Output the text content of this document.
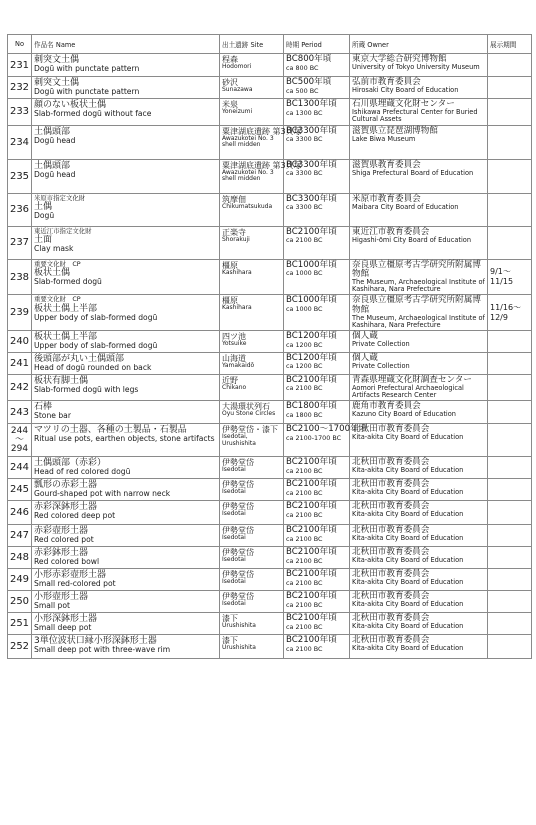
No	作品名 Name	出土遺跡 Site	時期 Period	所蔵 Owner	展示期間
231	刺突文土偶
Dogū with punctate pattern	程森
Hodomori	BC800年頃
ca 800 BC	東京大学総合研究博物館
University of Tokyo University Museum	

232	刺突文土偶
Dogū with punctate pattern	砂沢
Sunazawa	BC500年頃
ca 500 BC	弘前市教育委員会
Hirosaki City Board of Education	

233	顔のない板状土偶
Slab-formed dogū without face	米泉
Yoneizumi	BC1300年頃
ca 1300 BC	石川県埋蔵文化財センター
Ishikawa Prefectural Center for Buried Cultural Assets	

234	土偶頭部
Dogū head	粟津湖底遺跡 第3貝塚
Awazukotei No. 3 shell midden	BC3300年頃
ca 3300 BC	滋賀県立琵琶湖博物館
Lake Biwa Museum	

235	土偶頭部
Dogū head	粟津湖底遺跡 第3貝塚
Awazukotei No. 3 shell midden	BC3300年頃
ca 3300 BC	滋賀県教育委員会
Shiga Prefectural Board of Education	

236	米原市指定文化財
土偶
Dogū	筑摩佃
Chikumatsukuda	BC3300年頃
ca 3300 BC	米原市教育委員会
Maibara City Board of Education	

237	東近江市指定文化財
土面
Clay mask	正楽寺
Shorakuji	BC2100年頃
ca 2100 BC	東近江市教育委員会
Higashi-ōmi City Board of Education	

238	重要文化財　CP
板状土偶
Slab-formed dogū	橿原
Kashihara	BC1000年頃
ca 1000 BC	奈良県立橿原考古学研究所附属博物館
The Museum, Archaeological Institute of Kashihara, Nara Prefecture	9/1～11/15
239	重要文化財　CP
板状土偶上半部
Upper body of slab-formed dogū	橿原
Kashihara	BC1000年頃
ca 1000 BC	奈良県立橿原考古学研究所附属博物館
The Museum, Archaeological Institute of Kashihara, Nara Prefecture	11/16～12/9
240	板状土偶上半部
Upper body of slab-formed dogū	四ツ池
Yotsuike	BC1200年頃
ca 1200 BC	個人蔵
Private Collection	

241	後頭部が丸い土偶頭部
Head of dogū rounded on back	山海道
Yamakaidō	BC1200年頃
ca 1200 BC	個人蔵
Private Collection	

242	板状有脚土偶
Slab-formed dogū with legs	近野
Chikano	BC2100年頃
ca 2100 BC	青森県埋蔵文化財調査センター
Aomori Prefectural Archaeological Artifacts Research Center	

243	石棒
Stone bar	大湯環状列石
Oyu Stone Circles	BC1800年頃
ca 1800 BC	鹿角市教育委員会
Kazuno City Board of Education	

244～294	マツリの土器、各種の土製品・石製品
Ritual use pots, earthen objects, stone artifacts	伊勢堂岱・漆下
Isedotai, Urushishita	BC2100～1700年頃
ca 2100-1700 BC	北秋田市教育委員会
Kita-akita City Board of Education	

244	土偶頭部（赤彩）
Head of red colored dogū	伊勢堂岱
Isedotai	BC2100年頃
ca 2100 BC	北秋田市教育委員会
Kita-akita City Board of Education	

245	瓢形の赤彩土器
Gourd-shaped pot with narrow neck	伊勢堂岱
Isedotai	BC2100年頃
ca 2100 BC	北秋田市教育委員会
Kita-akita City Board of Education	

246	赤彩深鉢形土器
Red colored deep pot	伊勢堂岱
Isedotai	BC2100年頃
ca 2100 BC	北秋田市教育委員会
Kita-akita City Board of Education	

247	赤彩壺形土器
Red colored pot	伊勢堂岱
Isedotai	BC2100年頃
ca 2100 BC	北秋田市教育委員会
Kita-akita City Board of Education	

248	赤彩鉢形土器
Red colored bowl	伊勢堂岱
Isedotai	BC2100年頃
ca 2100 BC	北秋田市教育委員会
Kita-akita City Board of Education	

249	小形赤彩壺形土器
Small red-colored pot	伊勢堂岱
Isedotai	BC2100年頃
ca 2100 BC	北秋田市教育委員会
Kita-akita City Board of Education	

250	小形壺形土器
Small pot	伊勢堂岱
Isedotai	BC2100年頃
ca 2100 BC	北秋田市教育委員会
Kita-akita City Board of Education	

251	小形深鉢形土器
Small deep pot	漆下
Urushishita	BC2100年頃
ca 2100 BC	北秋田市教育委員会
Kita-akita City Board of Education	

252	3単位波状口縁小形深鉢形土器
Small deep pot with three-wave rim	漆下
Urushishita	BC2100年頃
ca 2100 BC	北秋田市教育委員会
Kita-akita City Board of Education	
